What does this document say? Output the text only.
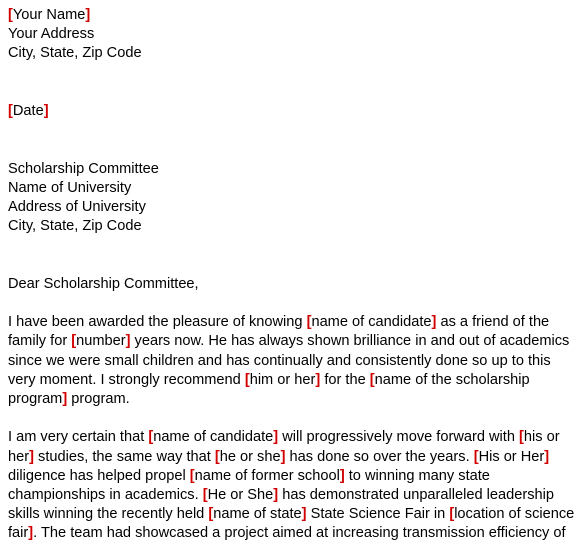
[Your Name]
Your Address
City, State, Zip Code
[Date]
Scholarship Committee
Name of University
Address of University
City, State, Zip Code
Dear Scholarship Committee,

I have been awarded the pleasure of knowing [name of candidate] as a friend of the family for [number] years now. He has always shown brilliance in and out of academics since we were small children and has continually and consistently done so up to this very moment. I strongly recommend [him or her] for the [name of the scholarship program] program.

I am very certain that [name of candidate] will progressively move forward with [his or her] studies, the same way that [he or she] has done so over the years. [His or Her] diligence has helped propel [name of former school] to winning many state championships in academics. [He or She] has demonstrated unparalleled leadership skills winning the recently held [name of state] State Science Fair in [location of science fair]. The team had showcased a project aimed at increasing transmission efficiency of
